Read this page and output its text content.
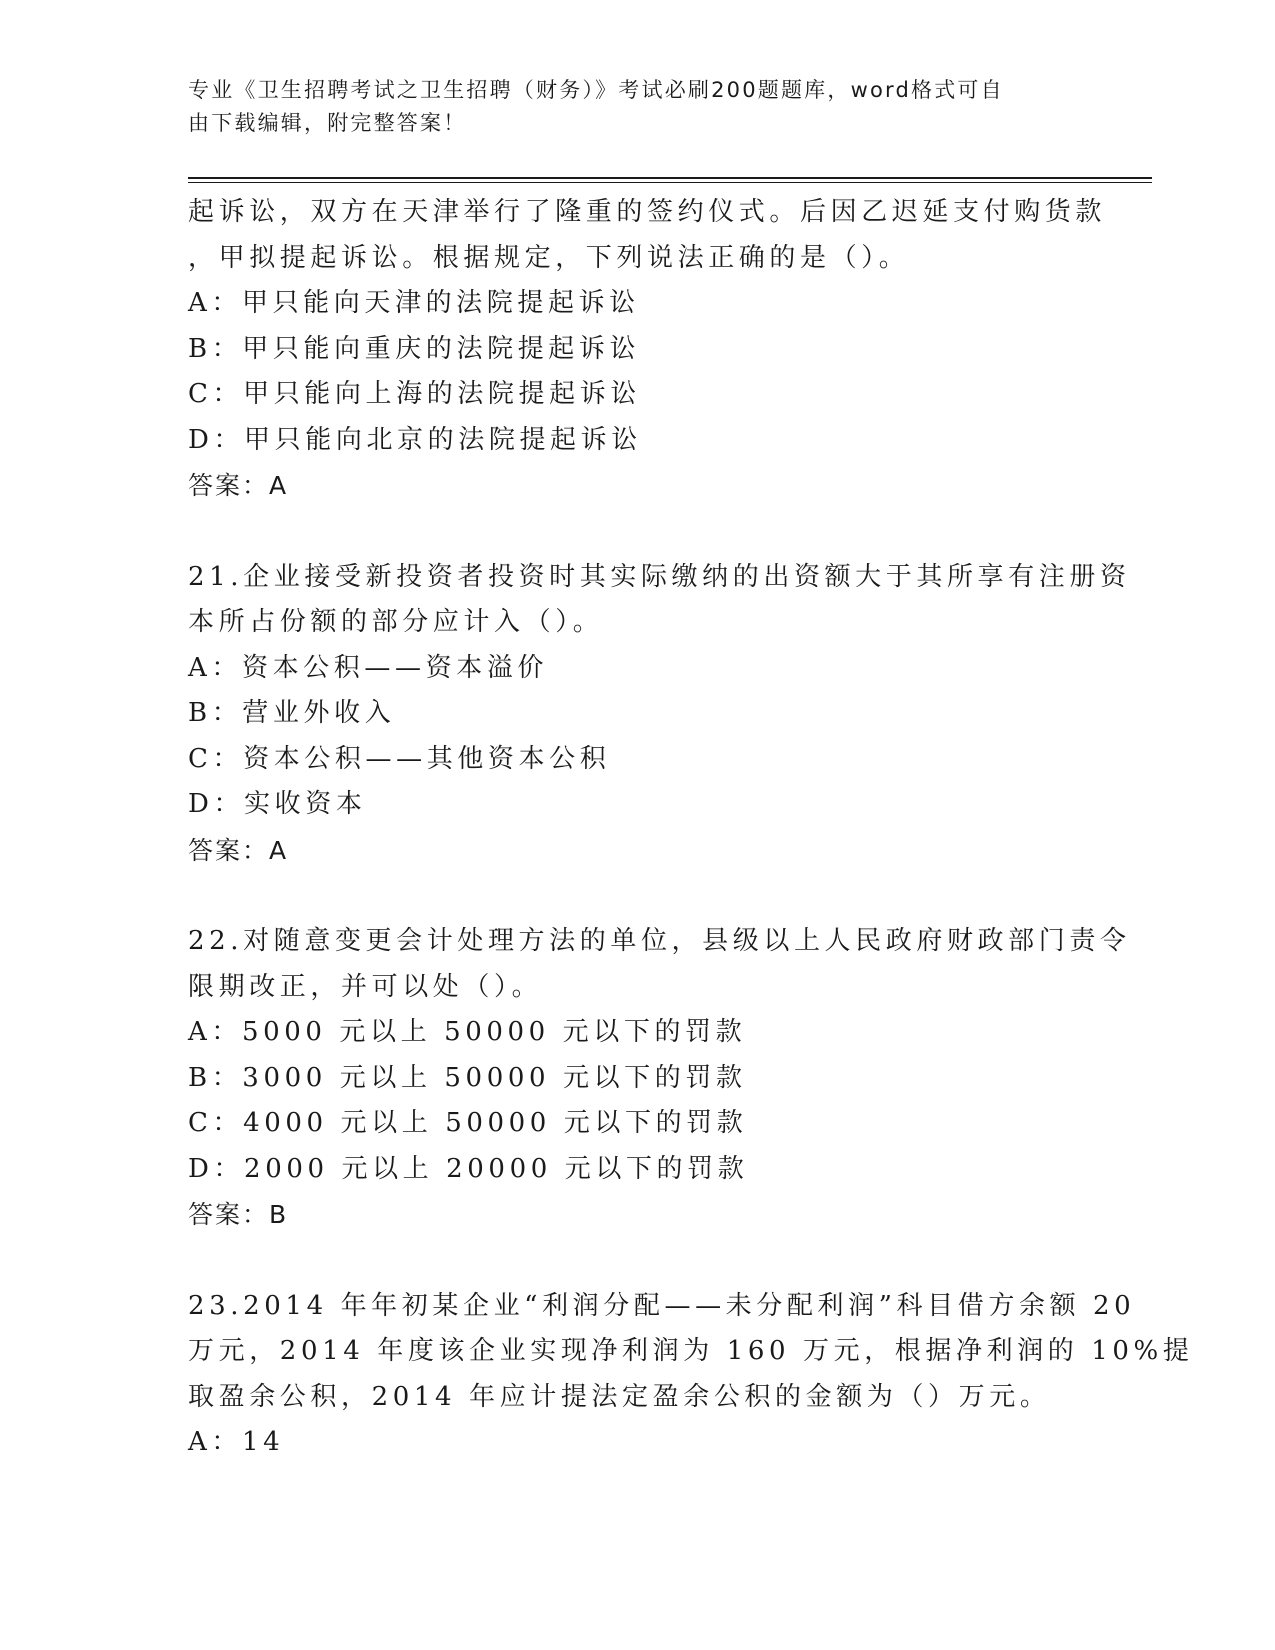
专业《卫生招聘考试之卫生招聘（财务）》考试必刷200题题库，word格式可自
由下载编辑，附完整答案！
起诉讼，双方在天津举行了隆重的签约仪式。后因乙迟延支付购货款
，甲拟提起诉讼。根据规定，下列说法正确的是（）。
A：甲只能向天津的法院提起诉讼
B：甲只能向重庆的法院提起诉讼
C：甲只能向上海的法院提起诉讼
D：甲只能向北京的法院提起诉讼
答案：A
21.企业接受新投资者投资时其实际缴纳的出资额大于其所享有注册资
本所占份额的部分应计入（）。
A：资本公积——资本溢价
B：营业外收入
C：资本公积——其他资本公积
D：实收资本
答案：A
22.对随意变更会计处理方法的单位，县级以上人民政府财政部门责令
限期改正，并可以处（）。
A：5000 元以上 50000 元以下的罚款
B：3000 元以上 50000 元以下的罚款
C：4000 元以上 50000 元以下的罚款
D：2000 元以上 20000 元以下的罚款
答案：B
23.2014 年年初某企业“利润分配——未分配利润”科目借方余额 20
万元，2014 年度该企业实现净利润为 160 万元，根据净利润的 10%提
取盈余公积，2014 年应计提法定盈余公积的金额为（）万元。
A：14
